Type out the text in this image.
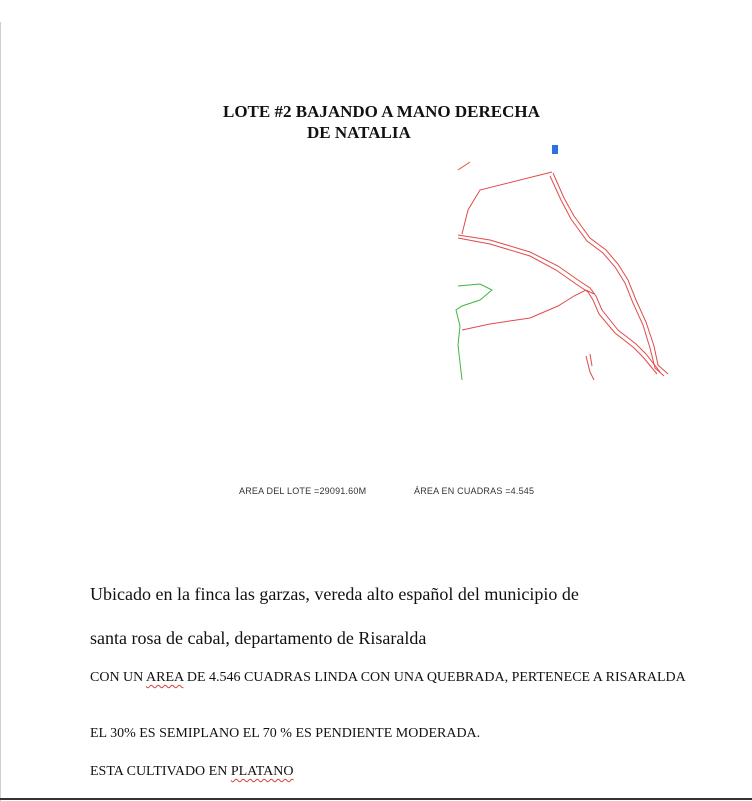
LOTE #2 BAJANDO A MANO DERECHA
DE NATALIA
AREA DEL LOTE =29091.60M	ÁREA EN CUADRAS =4.545
Ubicado en la finca las garzas, vereda alto español del municipio de
santa rosa de cabal, departamento de Risaralda
CON UN AREA DE 4.546 CUADRAS LINDA CON UNA QUEBRADA, PERTENECE A RISARALDA
EL 30% ES SEMIPLANO EL 70 % ES PENDIENTE MODERADA.
ESTA CULTIVADO EN PLATANO
